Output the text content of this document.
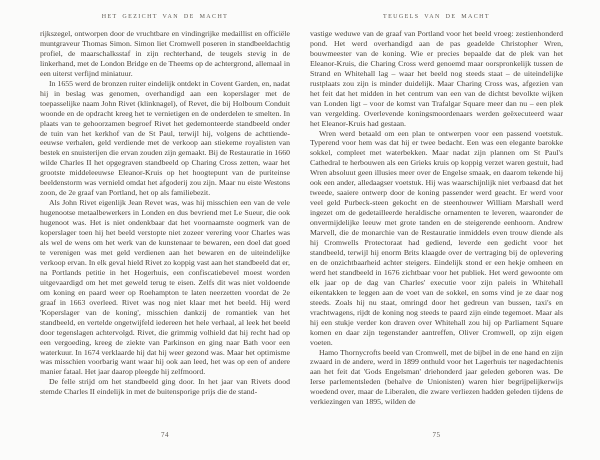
HET GEZICHT VAN DE MACHT

rijkszegel, ontworpen door de vruchtbare en vindingrijke medaillist en officiële muntgraveur Thomas Simon. Simon liet Cromwell poseren in standbeeldachtig profiel, de maarschalksstaf in zijn rechterhand, de teugels stevig in de linkerhand, met de London Bridge en de Theems op de achtergrond, allemaal in een uiterst verfijnd miniatuur.

In 1655 werd de bronzen ruiter eindelijk ontdekt in Covent Garden, en, nadat hij in beslag was genomen, overhandigd aan een koperslager met de toepasselijke naam John Rivet (klinknagel), of Revet, die bij Holbourn Conduit woonde en de opdracht kreeg het te vernietigen en de onderdelen te smelten. In plaats van te gehoorzamen begroef Rivet het gedemonteerde standbeeld onder de tuin van het kerkhof van de St Paul, terwijl hij, volgens de achttiende-eeuwse verhalen, geld verdiende met de verkoop aan stiekeme royalisten van bestek en snuisterijen die ervan zouden zijn gemaakt. Bij de Restauratie in 1660 wilde Charles II het opgegraven standbeeld op Charing Cross zetten, waar het grootste middeleeuwse Eleanor-Kruis op het hoogtepunt van de puriteinse beeldenstorm was vernield omdat het afgoderij zou zijn. Maar nu eiste Westons zoon, de 2e graaf van Portland, het op als familiebezit.

Als John Rivet eigenlijk Jean Revet was, was hij misschien een van de vele hugenootse metaalbewerkers in Londen en dus bevriend met Le Sueur, die ook hugenoot was. Het is niet ondenkbaar dat het voornaamste oogmerk van de koperslager toen hij het beeld verstopte niet zozeer verering voor Charles was als wel de wens om het werk van de kunstenaar te bewaren, een doel dat goed te verenigen was met geld verdienen aan het bewaren en de uiteindelijke verkoop ervan. In elk geval hield Rivet zo koppig vast aan het standbeeld dat er, na Portlands petitie in het Hogerhuis, een confiscatiebevel moest worden uitgevaardigd om het met geweld terug te eisen. Zelfs dit was niet voldoende om koning en paard weer op Roehampton te laten neerzetten voordat de 2e graaf in 1663 overleed. Rivet was nog niet klaar met het beeld. Hij werd 'Koperslager van de koning', misschien dankzij de romantiek van het standbeeld, en vertelde ongetwijfeld iedereen het hele verhaal, al leek het beeld door tegenslagen achtervolgd. Rivet, die grimmig volhield dat hij recht had op een vergoeding, kreeg de ziekte van Parkinson en ging naar Bath voor een waterkuur. In 1674 verklaarde hij dat hij weer gezond was. Maar het optimisme was misschien voorbarig want waar hij ook aan leed, het was op een of andere manier fataal. Het jaar daarop pleegde hij zelfmoord.

De felle strijd om het standbeeld ging door. In het jaar van Rivets dood stemde Charles II eindelijk in met de buitensporige prijs die de stand-

74
TEUGELS VAN DE MACHT

vastige weduwe van de graaf van Portland voor het beeld vroeg: zestienhonderd pond. Het werd overhandigd aan de pas geadelde Christopher Wren, bouwmeester van de koning. Wie er precies bepaalde dat de plek van het Eleanor-Kruis, die Charing Cross werd genoemd maar oorspronkelijk tussen de Strand en Whitehall lag – waar het beeld nog steeds staat – de uiteindelijke rustplaats zou zijn is minder duidelijk. Maar Charing Cross was, afgezien van het feit dat het midden in het centrum van een van de dichtst bevolkte wijken van Londen ligt – voor de komst van Trafalgar Square meer dan nu – een plek van vergelding. Overlevende koningsmoordenaars werden geëxecuteerd waar het Eleanor-Kruis had gestaan.

Wren werd betaald om een plan te ontwerpen voor een passend voetstuk. Typerend voor hem was dat hij er twee bedacht. Een was een elegante barokke sokkel, compleet met waterbekken. Maar nadat zijn plannen om St Paul's Cathedral te herbouwen als een Grieks kruis op koppig verzet waren gestuit, had Wren absoluut geen illusies meer over de Engelse smaak, en daarom tekende hij ook een ander, alledaagser voetstuk. Hij was waarschijnlijk niet verbaasd dat het tweede, saaiere ontwerp door de koning passender werd geacht. Er werd voor veel geld Purbeck-steen gekocht en de steenhouwer William Marshall werd ingezet om de gedetailleerde heraldische ornamenten te leveren, waaronder de onvermijdelijke leeuw met grote tanden en de steigerende eenhoorn. Andrew Marvell, die de monarchie van de Restauratie inmiddels even trouw diende als hij Cromwells Protectoraat had gediend, leverde een gedicht voor het standbeeld, terwijl hij enorm Brits klaagde over de vertraging bij de oplevering en de onzichtbaarheid achter steigers. Eindelijk stond er een hekje omheen en werd het standbeeld in 1676 zichtbaar voor het publiek. Het werd gewoonte om elk jaar op de dag van Charles' executie voor zijn paleis in Whitehall eikentakken te leggen aan de voet van de sokkel, en soms vind je ze daar nog steeds. Zoals hij nu staat, omringd door het gedreun van bussen, taxi's en vrachtwagens, rijdt de koning nog steeds te paard zijn einde tegemoet. Maar als hij een stukje verder kon draven over Whitehall zou hij op Parliament Square komen en daar zijn tegenstander aantreffen, Oliver Cromwell, op zijn eigen voeten.

Hamo Thornycrofts beeld van Cromwell, met de bijbel in de ene hand en zijn zwaard in de andere, werd in 1899 onthuld voor het Lagerhuis ter nagedachtenis aan het feit dat 'Gods Engelsman' driehonderd jaar geleden geboren was. De Ierse parlementsleden (behalve de Unionisten) waren hier begrijpelijkerwijs woedend over, maar de Liberalen, die zware verliezen hadden geleden tijdens de verkiezingen van 1895, wilden de

75
